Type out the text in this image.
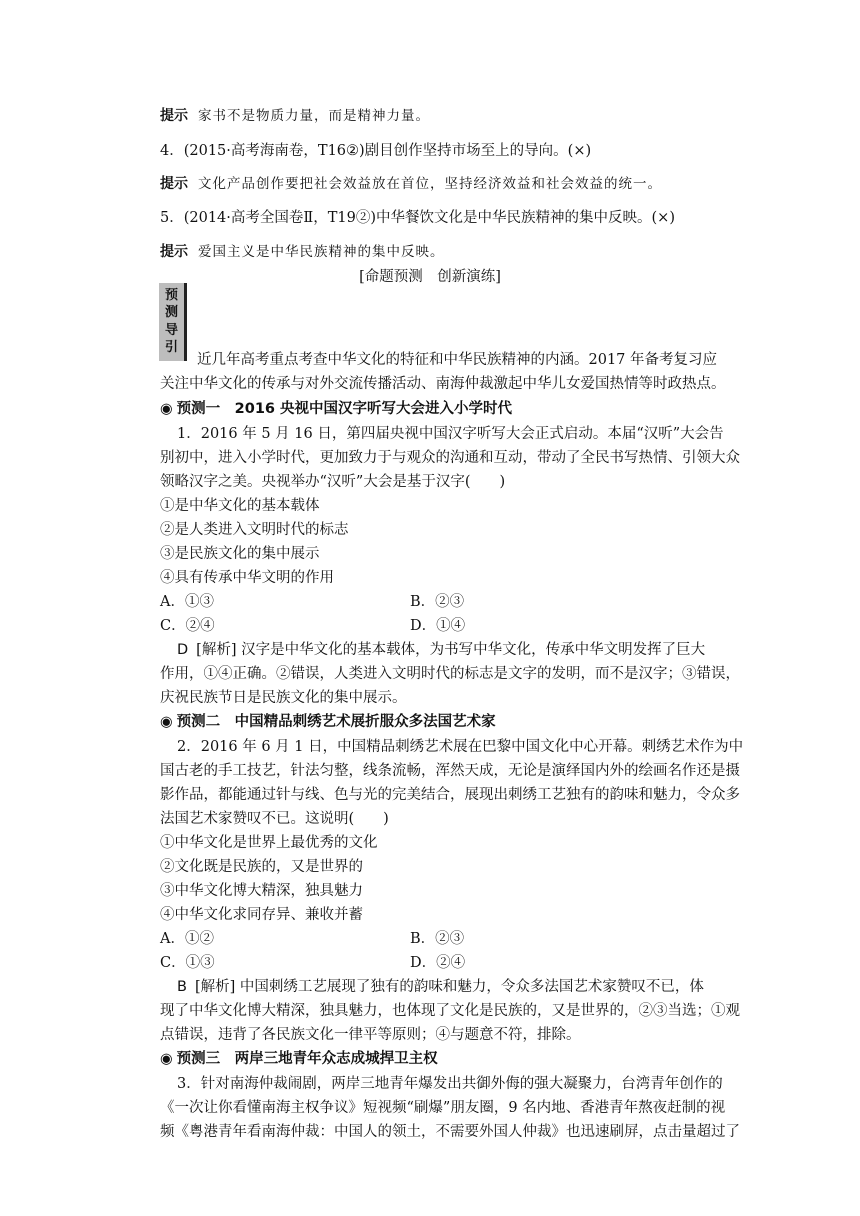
提示 家书不是物质力量，而是精神力量。
4．(2015·高考海南卷，T16②)剧目创作坚持市场至上的导向。(×)
提示 文化产品创作要把社会效益放在首位，坚持经济效益和社会效益的统一。
5．(2014·高考全国卷Ⅱ，T19②)中华餐饮文化是中华民族精神的集中反映。(×)
提示 爱国主义是中华民族精神的集中反映。
[命题预测　创新演练]
预
测
导
引
近几年高考重点考查中华文化的特征和中华民族精神的内涵。2017 年备考复习应
关注中华文化的传承与对外交流传播活动、南海仲裁激起中华儿女爱国热情等时政热点。
◉ 预测一　2016 央视中国汉字听写大会进入小学时代
1．2016 年 5 月 16 日，第四届央视中国汉字听写大会正式启动。本届“汉听”大会告
别初中，进入小学时代，更加致力于与观众的沟通和互动，带动了全民书写热情、引领大众
领略汉字之美。央视举办“汉听”大会是基于汉字(　　)
①是中华文化的基本载体
②是人类进入文明时代的标志
③是民族文化的集中展示
④具有传承中华文明的作用
A．①③	B．②③
C．②④	D．①④
D [解析] 汉字是中华文化的基本载体，为书写中华文化，传承中华文明发挥了巨大
作用，①④正确。②错误，人类进入文明时代的标志是文字的发明，而不是汉字；③错误，
庆祝民族节日是民族文化的集中展示。
◉ 预测二　中国精品刺绣艺术展折服众多法国艺术家
2．2016 年 6 月 1 日，中国精品刺绣艺术展在巴黎中国文化中心开幕。刺绣艺术作为中
国古老的手工技艺，针法匀整，线条流畅，浑然天成，无论是演绎国内外的绘画名作还是摄
影作品，都能通过针与线、色与光的完美结合，展现出刺绣工艺独有的韵味和魅力，令众多
法国艺术家赞叹不已。这说明(　　)
①中华文化是世界上最优秀的文化
②文化既是民族的，又是世界的
③中华文化博大精深，独具魅力
④中华文化求同存异、兼收并蓄
A．①②	B．②③
C．①③	D．②④
B [解析] 中国刺绣工艺展现了独有的韵味和魅力，令众多法国艺术家赞叹不已，体
现了中华文化博大精深，独具魅力，也体现了文化是民族的，又是世界的，②③当选；①观
点错误，违背了各民族文化一律平等原则；④与题意不符，排除。
◉ 预测三　两岸三地青年众志成城捍卫主权
3．针对南海仲裁闹剧，两岸三地青年爆发出共御外侮的强大凝聚力，台湾青年创作的
《一次让你看懂南海主权争议》短视频“刷爆”朋友圈，9 名内地、香港青年熬夜赶制的视
频《粤港青年看南海仲裁：中国人的领土，不需要外国人仲裁》也迅速刷屏，点击量超过了
